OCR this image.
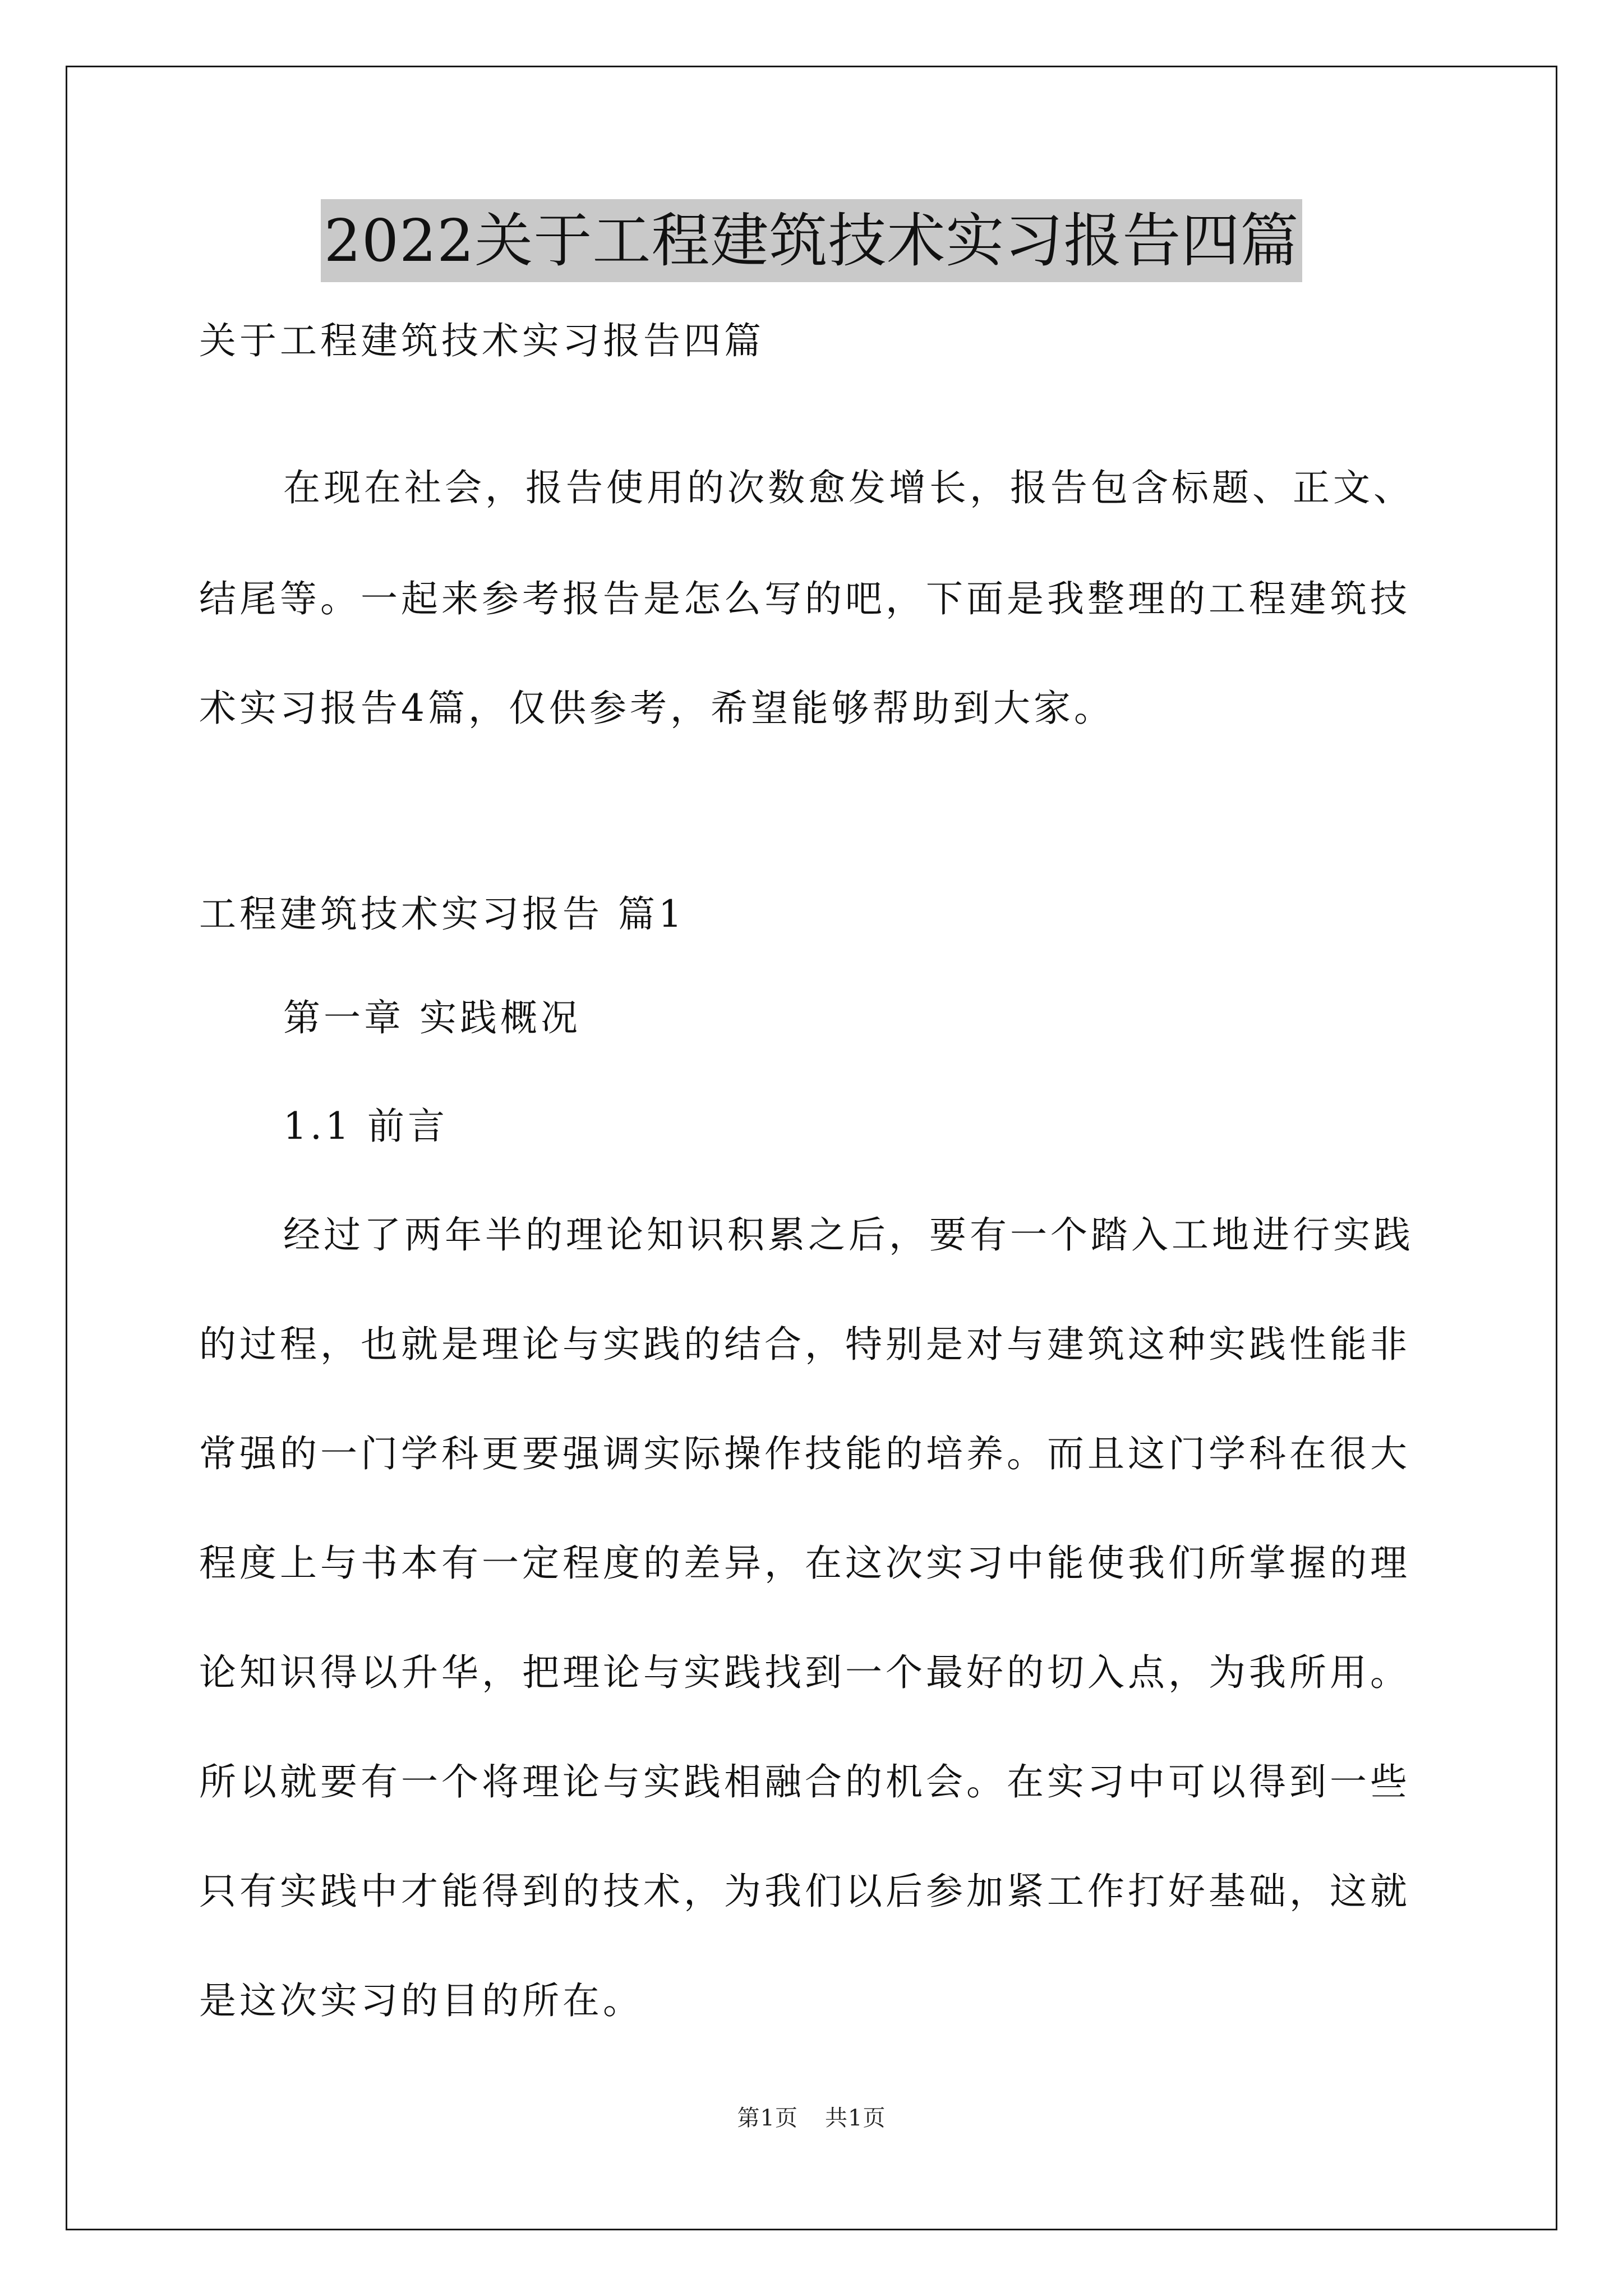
2022关于工程建筑技术实习报告四篇
关于工程建筑技术实习报告四篇
在现在社会，报告使用的次数愈发增长，报告包含标题、正文、
结尾等。一起来参考报告是怎么写的吧，下面是我整理的工程建筑技
术实习报告4篇，仅供参考，希望能够帮助到大家。
工程建筑技术实习报告 篇1
第一章 实践概况
1.1 前言
经过了两年半的理论知识积累之后，要有一个踏入工地进行实践
的过程，也就是理论与实践的结合，特别是对与建筑这种实践性能非
常强的一门学科更要强调实际操作技能的培养。而且这门学科在很大
程度上与书本有一定程度的差异，在这次实习中能使我们所掌握的理
论知识得以升华，把理论与实践找到一个最好的切入点，为我所用。
所以就要有一个将理论与实践相融合的机会。在实习中可以得到一些
只有实践中才能得到的技术，为我们以后参加紧工作打好基础，这就
是这次实习的目的所在。
第1页 共1页
